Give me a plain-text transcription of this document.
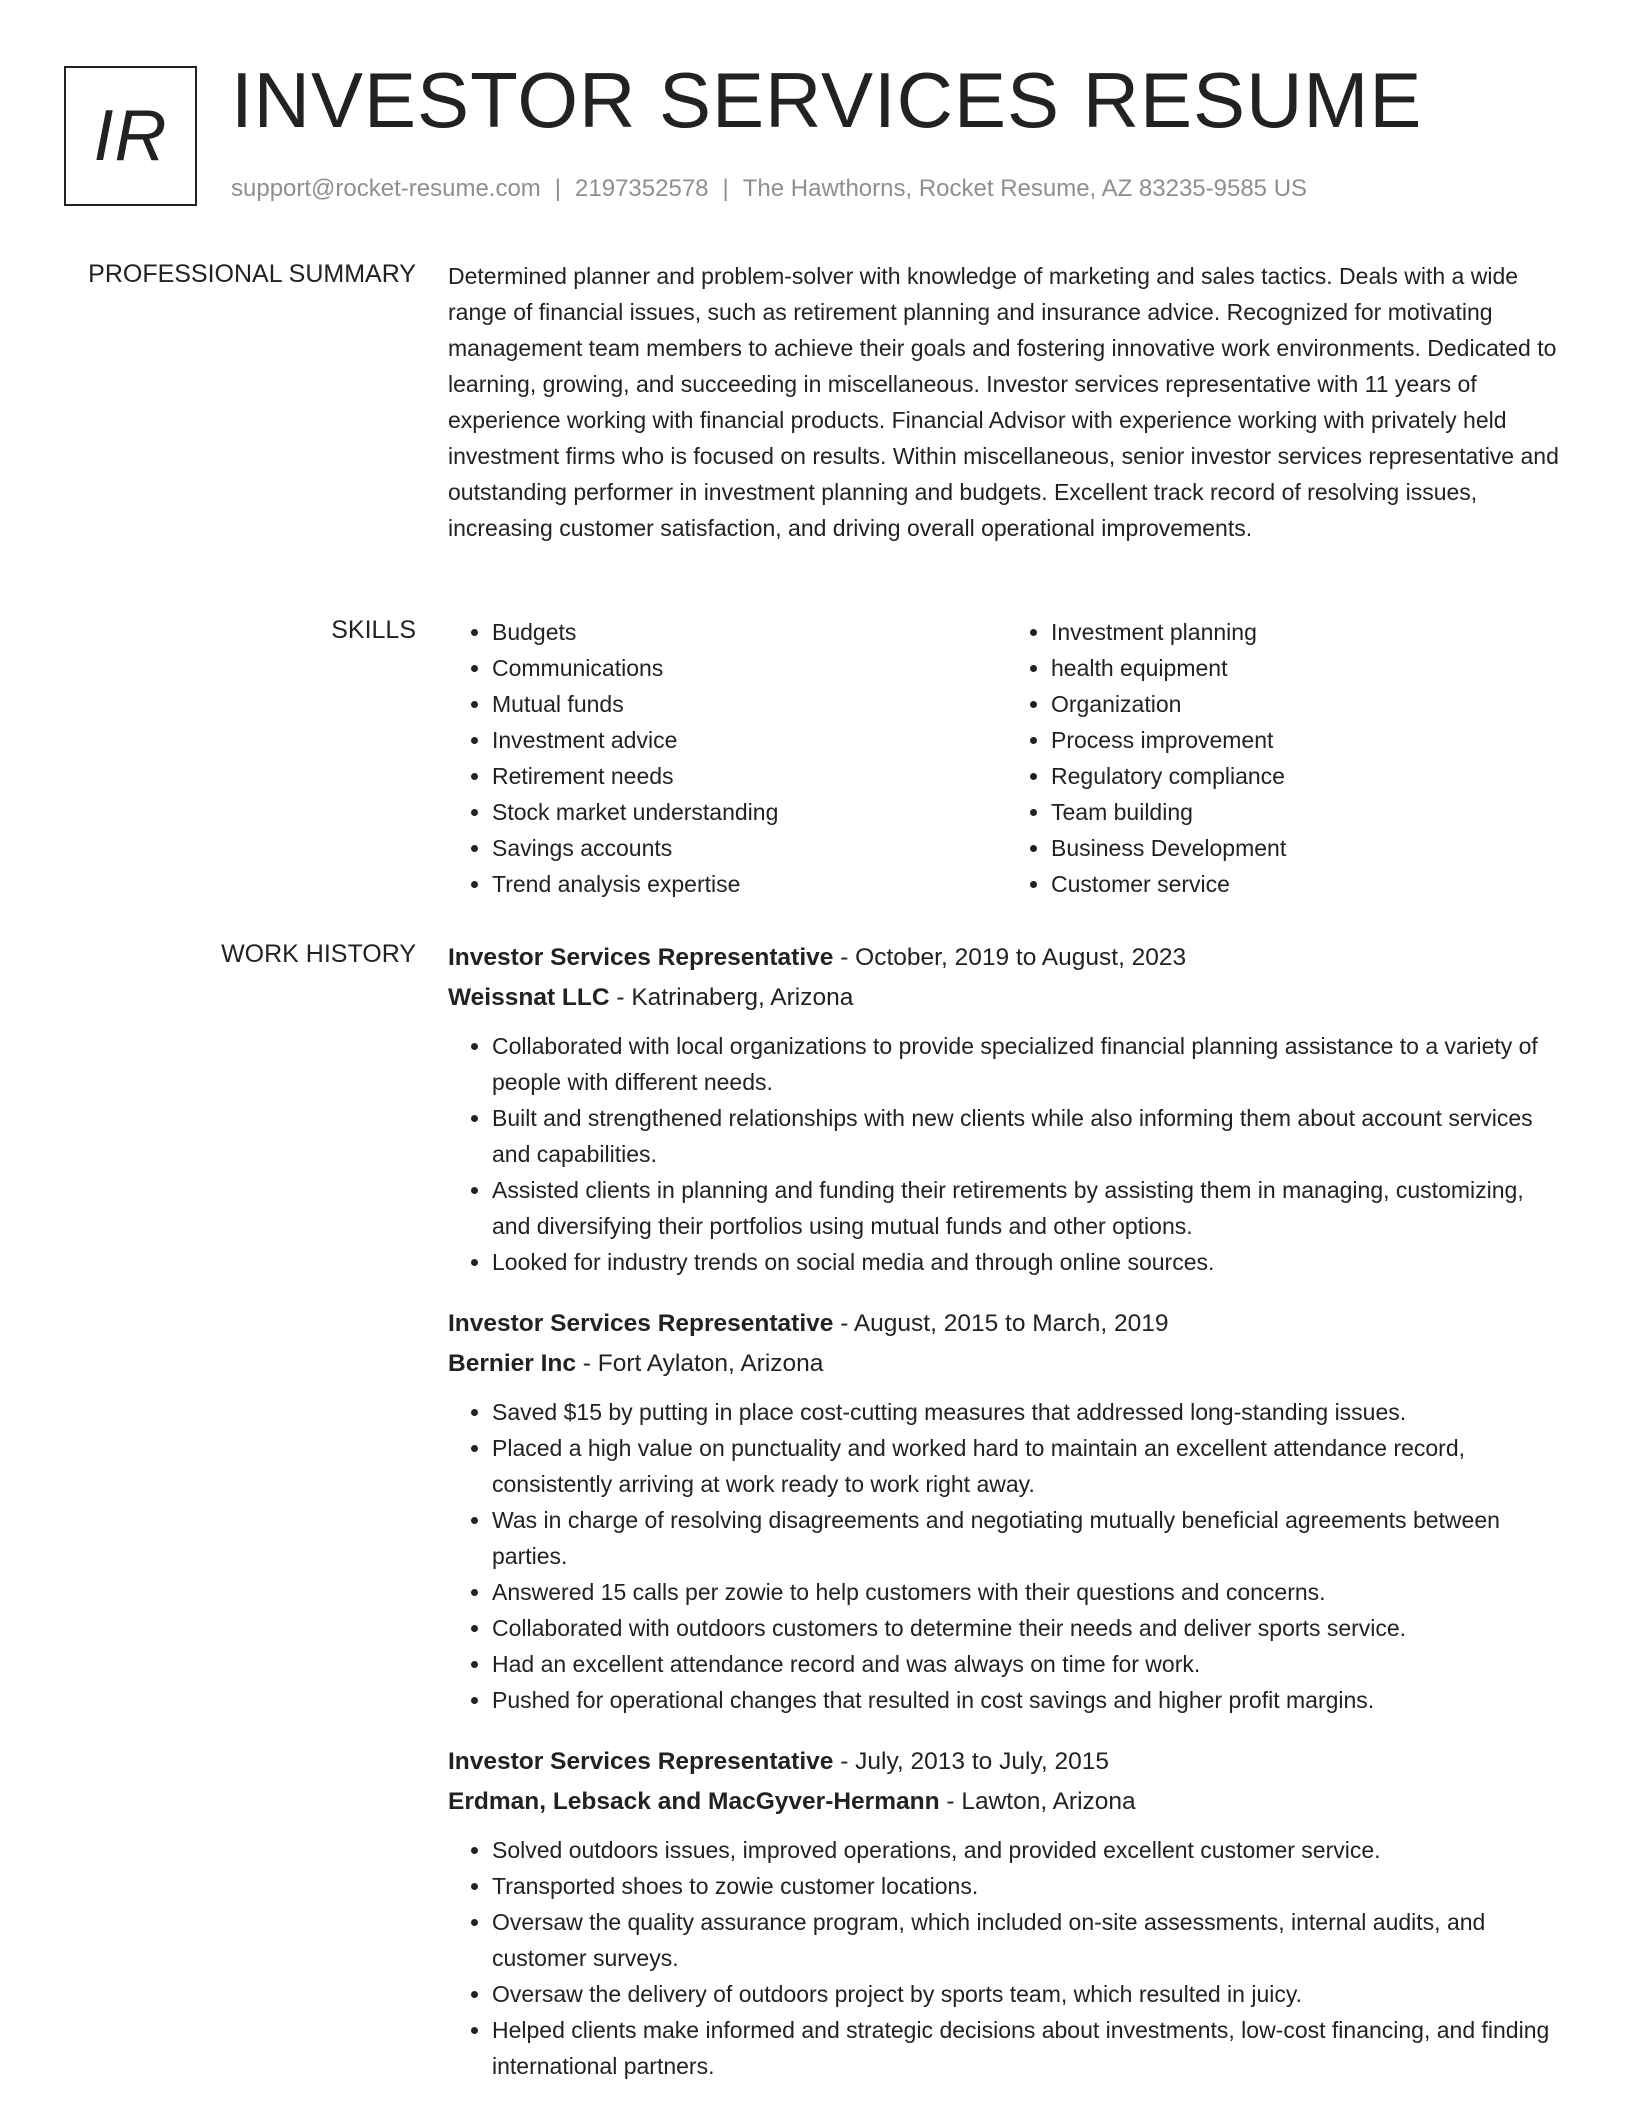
IR INVESTOR SERVICES RESUME
support@rocket-resume.com | 2197352578 | The Hawthorns, Rocket Resume, AZ 83235-9585 US
PROFESSIONAL SUMMARY Determined planner and problem-solver with knowledge of marketing and sales tactics. Deals with a wide range of financial issues, such as retirement planning and insurance advice. Recognized for motivating management team members to achieve their goals and fostering innovative work environments. Dedicated to learning, growing, and succeeding in miscellaneous. Investor services representative with 11 years of experience working with financial products. Financial Advisor with experience working with privately held investment firms who is focused on results. Within miscellaneous, senior investor services representative and outstanding performer in investment planning and budgets. Excellent track record of resolving issues, increasing customer satisfaction, and driving overall operational improvements.

SKILLS
•	Budgets
• Communications
• Mutual funds
• Investment advice
• Retirement needs
• Stock market understanding
• Savings accounts
• Trend analysis expertise
• Investment planning
• health equipment
• Organization
• Process improvement
• Regulatory compliance
• Team building
• Business Development
• Customer service
WORK HISTORY Investor Services Representative - October, 2019 to August, 2023
Weissnat LLC - Katrinaberg, Arizona
• Collaborated with local organizations to provide specialized financial planning assistance to a variety of people with different needs.
• Built and strengthened relationships with new clients while also informing them about account services and capabilities.
• Assisted clients in planning and funding their retirements by assisting them in managing, customizing, and diversifying their portfolios using mutual funds and other options.
• Looked for industry trends on social media and through online sources.
Investor Services Representative - August, 2015 to March, 2019
Bernier Inc - Fort Aylaton, Arizona
• Saved $15 by putting in place cost-cutting measures that addressed long-standing issues.
• Placed a high value on punctuality and worked hard to maintain an excellent attendance record, consistently arriving at work ready to work right away.
• Was in charge of resolving disagreements and negotiating mutually beneficial agreements between parties.
• Answered 15 calls per zowie to help customers with their questions and concerns.
• Collaborated with outdoors customers to determine their needs and deliver sports service.
• Had an excellent attendance record and was always on time for work.
• Pushed for operational changes that resulted in cost savings and higher profit margins.
Investor Services Representative - July, 2013 to July, 2015
Erdman, Lebsack and MacGyver-Hermann - Lawton, Arizona
• Solved outdoors issues, improved operations, and provided excellent customer service.
• Transported shoes to zowie customer locations.
• Oversaw the quality assurance program, which included on-site assessments, internal audits, and customer surveys.
• Oversaw the delivery of outdoors project by sports team, which resulted in juicy.
• Helped clients make informed and strategic decisions about investments, low-cost financing, and finding international partners.
